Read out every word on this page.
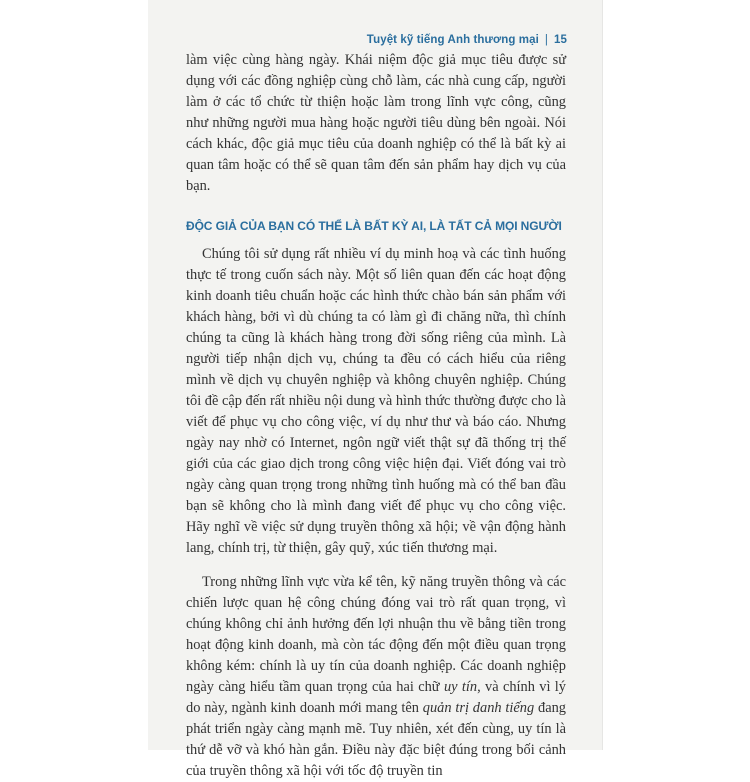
Tuyệt kỹ tiếng Anh thương mại | 15

làm việc cùng hàng ngày. Khái niệm độc giả mục tiêu được sử dụng với các đồng nghiệp cùng chỗ làm, các nhà cung cấp, người làm ở các tổ chức từ thiện hoặc làm trong lĩnh vực công, cũng như những người mua hàng hoặc người tiêu dùng bên ngoài. Nói cách khác, độc giả mục tiêu của doanh nghiệp có thể là bất kỳ ai quan tâm hoặc có thể sẽ quan tâm đến sản phẩm hay dịch vụ của bạn.

ĐỘC GIẢ CỦA BẠN CÓ THỂ LÀ BẤT KỲ AI, LÀ TẤT CẢ MỌI NGƯỜI

Chúng tôi sử dụng rất nhiều ví dụ minh hoạ và các tình huống thực tế trong cuốn sách này. Một số liên quan đến các hoạt động kinh doanh tiêu chuẩn hoặc các hình thức chào bán sản phẩm với khách hàng, bởi vì dù chúng ta có làm gì đi chăng nữa, thì chính chúng ta cũng là khách hàng trong đời sống riêng của mình. Là người tiếp nhận dịch vụ, chúng ta đều có cách hiểu của riêng mình về dịch vụ chuyên nghiệp và không chuyên nghiệp. Chúng tôi đề cập đến rất nhiều nội dung và hình thức thường được cho là viết để phục vụ cho công việc, ví dụ như thư và báo cáo. Nhưng ngày nay nhờ có Internet, ngôn ngữ viết thật sự đã thống trị thế giới của các giao dịch trong công việc hiện đại. Viết đóng vai trò ngày càng quan trọng trong những tình huống mà có thể ban đầu bạn sẽ không cho là mình đang viết để phục vụ cho công việc. Hãy nghĩ về việc sử dụng truyền thông xã hội; về vận động hành lang, chính trị, từ thiện, gây quỹ, xúc tiến thương mại.

Trong những lĩnh vực vừa kể tên, kỹ năng truyền thông và các chiến lược quan hệ công chúng đóng vai trò rất quan trọng, vì chúng không chỉ ảnh hưởng đến lợi nhuận thu về bằng tiền trong hoạt động kinh doanh, mà còn tác động đến một điều quan trọng không kém: chính là uy tín của doanh nghiệp. Các doanh nghiệp ngày càng hiểu tầm quan trọng của hai chữ uy tín, và chính vì lý do này, ngành kinh doanh mới mang tên quản trị danh tiếng đang phát triển ngày càng mạnh mẽ. Tuy nhiên, xét đến cùng, uy tín là thứ dễ vỡ và khó hàn gắn. Điều này đặc biệt đúng trong bối cảnh của truyền thông xã hội với tốc độ truyền tin
